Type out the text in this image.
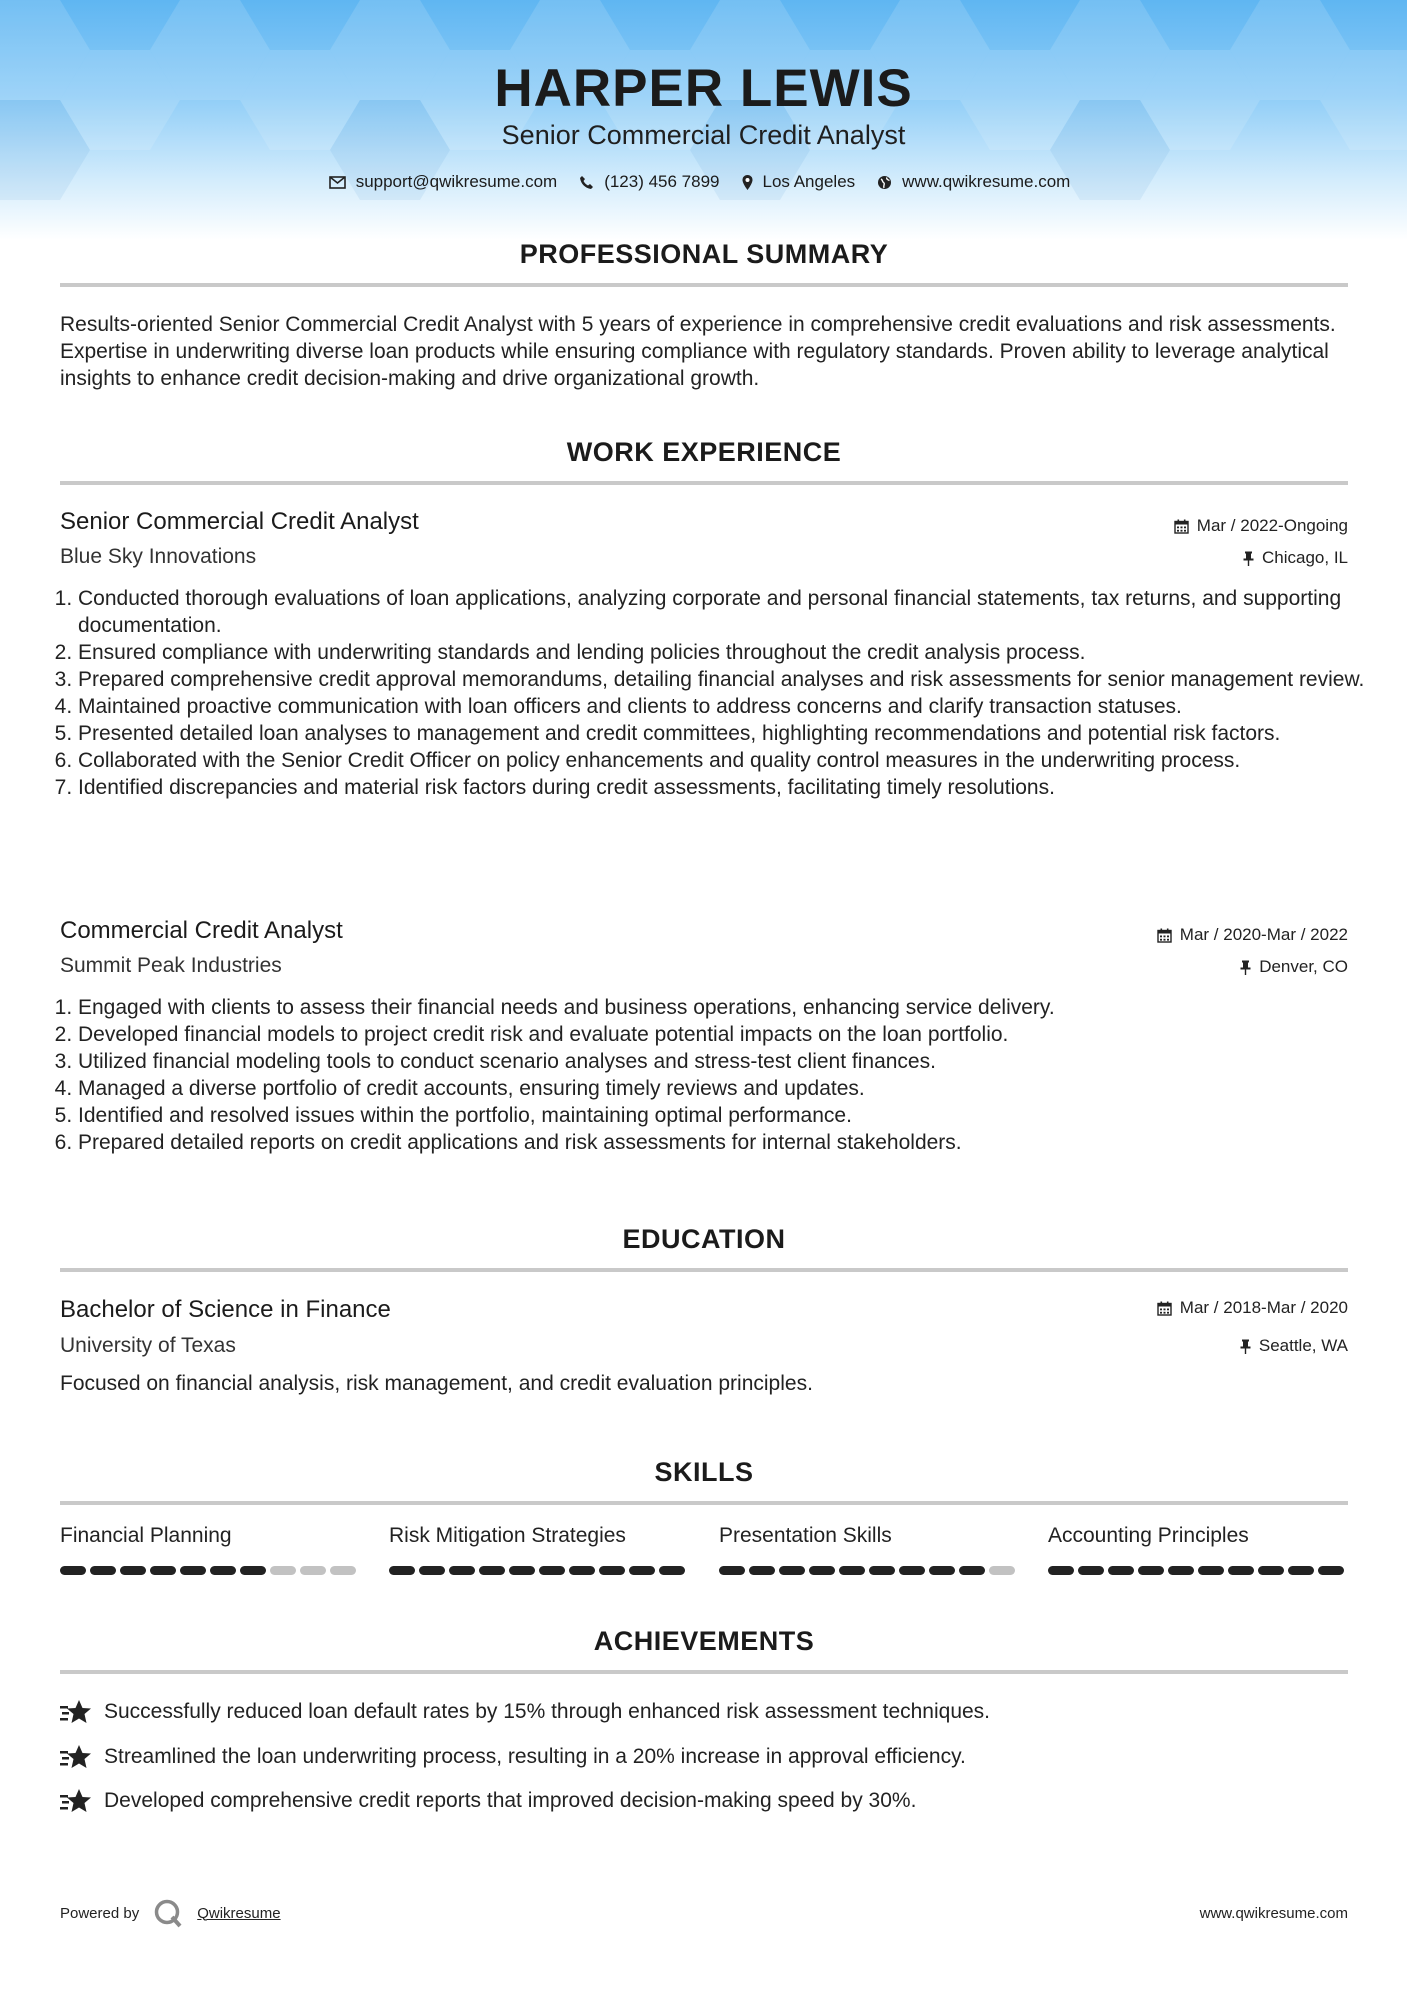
HARPER LEWIS
Senior Commercial Credit Analyst
support@qwikresume.com	(123) 456 7899	Los Angeles	www.qwikresume.com
PROFESSIONAL SUMMARY

Results-oriented Senior Commercial Credit Analyst with 5 years of experience in comprehensive credit evaluations and risk assessments. Expertise in underwriting diverse loan products while ensuring compliance with regulatory standards. Proven ability to leverage analytical insights to enhance credit decision-making and drive organizational growth.

WORK EXPERIENCE
Senior Commercial Credit Analyst	Mar / 2022-Ongoing
Blue Sky Innovations	Chicago, IL
1. Conducted thorough evaluations of loan applications, analyzing corporate and personal financial statements, tax returns, and supporting documentation.
2. Ensured compliance with underwriting standards and lending policies throughout the credit analysis process.
3. Prepared comprehensive credit approval memorandums, detailing financial analyses and risk assessments for senior management review.
4. Maintained proactive communication with loan officers and clients to address concerns and clarify transaction statuses.
5. Presented detailed loan analyses to management and credit committees, highlighting recommendations and potential risk factors.
6. Collaborated with the Senior Credit Officer on policy enhancements and quality control measures in the underwriting process.
7. Identified discrepancies and material risk factors during credit assessments, facilitating timely resolutions.
Commercial Credit Analyst	Mar / 2020-Mar / 2022
Summit Peak Industries	Denver, CO
1. Engaged with clients to assess their financial needs and business operations, enhancing service delivery.
2. Developed financial models to project credit risk and evaluate potential impacts on the loan portfolio.
3. Utilized financial modeling tools to conduct scenario analyses and stress-test client finances.
4. Managed a diverse portfolio of credit accounts, ensuring timely reviews and updates.
5. Identified and resolved issues within the portfolio, maintaining optimal performance.
6. Prepared detailed reports on credit applications and risk assessments for internal stakeholders.
EDUCATION
Bachelor of Science in Finance	Mar / 2018-Mar / 2020
University of Texas	Seattle, WA
Focused on financial analysis, risk management, and credit evaluation principles.
SKILLS
Financial Planning	Risk Mitigation Strategies	Presentation Skills	Accounting Principles
ACHIEVEMENTS
Successfully reduced loan default rates by 15% through enhanced risk assessment techniques.
Streamlined the loan underwriting process, resulting in a 20% increase in approval efficiency.
Developed comprehensive credit reports that improved decision-making speed by 30%.
Powered by	Qwikresume	www.qwikresume.com
